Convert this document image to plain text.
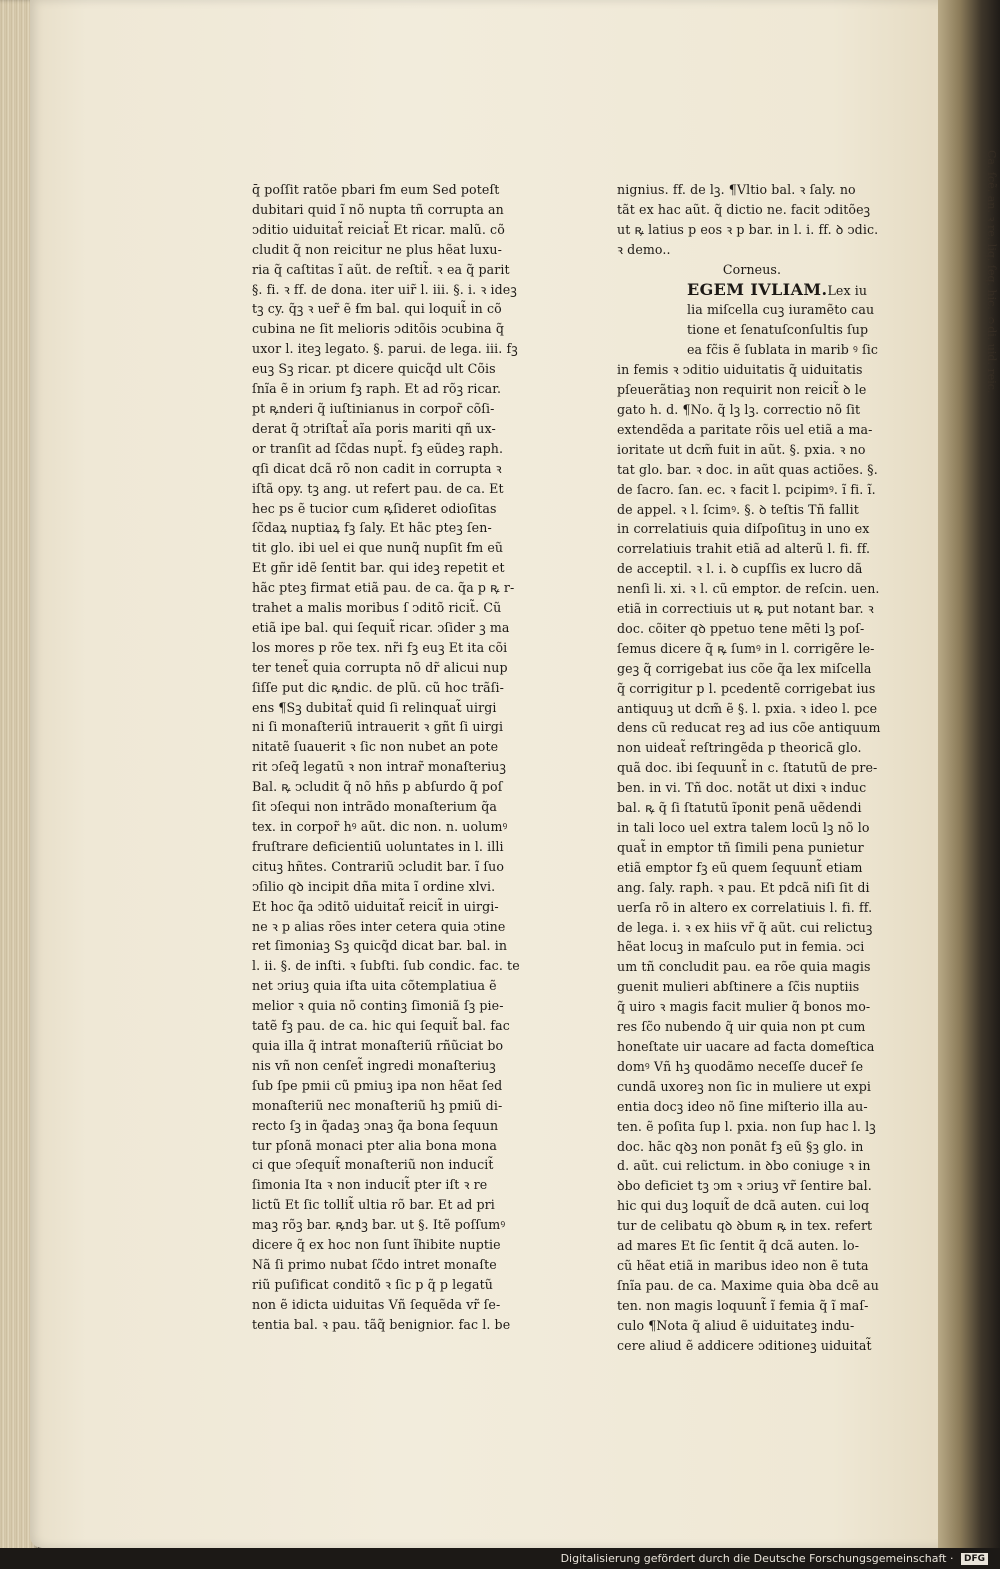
Ca. ſcẽ. an. ꝛ re. liq. ſeq. hic. ↄdi. uid. reic.
q̄ poſſit ratõe pbari ẜm eum Sed poteſt
dubitari quid ĩ nõ nupta tñ corrupta an
ↄditio uiduitat̃ reiciat̃ Et ricar. malũ. cõ
cludit q̃ non reicitur ne plus hẽat luxu-
ria q̃ caſtitas ĩ aũt. de reſtit̃. ꝛ ea q̃ parit
§. fi. ꝛ ff. de dona. iter uir̃ l. iii. §. i. ꝛ ideꝫ
tꝫ cy. q̃ꝫ ꝛ uer̃ ẽ ẜm bal. qui loquit̃ in cõ
cubina ne ſit melioris ↄditõis ↄcubina q̃
uxor l. iteꝫ legato. §. parui. de lega. iii. fꝫ
euꝫ Sꝫ ricar. pt dicere quicq̃d ult Cõis
ſnĩa ẽ in ↄrium fꝫ raph. Et ad rõꝫ ricar.
pt ꝶnderi q̃ iuſtinianus in corpor̃ cõſi-
derat q̃ ↄtriſtat̃ aĩa poris mariti qñ ux-
or tranſit ad ſc̃das nupt̃. fꝫ eũdeꝫ raph.
qſi dicat dcã rõ non cadit in corrupta ꝛ
iſtã opy. tꝫ ang. ut refert pau. de ca. Et
hec ps ẽ tucior cum ꝶſideret odioſitas
ſc̃daꝝ nuptiaꝝ fꝫ ſaly. Et hãc pteꝫ ſen-
tit glo. ibi uel ei que nunq̃ nupſit ẜm eũ
Et gñr idẽ ſentit bar. qui ideꝫ repetit et
hãc pteꝫ firmat etiã pau. de ca. q̃a p ꝶ r-
trahe‍t a malis moribus ſ ↄditõ ricit̃. Cũ
etiã ipe bal. qui ſequit̃ ricar. ↄſider ꝫ ma
los mores p rõe tex. nr̃i fꝫ euꝫ Et ita cõi
ter tenet̃ quia corrupta nõ dr̃ alicui nup
ſiſſe put dic ꝶndic. de plũ. cũ hoc trãſi-
ens ¶Sꝫ dubitat̃ quid ſi relinquat̃ uirgi
ni ſi monaſteriũ intrauerit ꝛ gñt ſi uirgi
nitatẽ ſuauerit ꝛ ſic non nubet an pote
rit ↄſeq̃ legatũ ꝛ non intrar̃ monaſteriuꝫ
Bal. ꝶ ↄcludit q̃ nõ hñs p abſurdo q̃ poſ
ſit ↄſequi non intrãdo monaſterium q̃a
tex. in corpor̃ hꝰ aũt. dic non. n. uolumꝰ
fruſtrare deficientiũ uoluntates in l. illi
cituꝫ hñtes. Contrariũ ↄcludit bar. ĩ ſuo
ↄſilio qꝺ incipit dña mita ĩ ordine xlvi.
Et hoc q̃a ↄditõ uiduitat̃ reicit̃ in uirgi-
ne ꝛ p alias rões inter cetera quia ↄtine
ret ſimoniaꝫ Sꝫ quicq̃d dicat bar. bal. in
l. ii. §. de inſti. ꝛ ſubſti. ſub condic. fac. te
net ↄriuꝫ quia iſta uita cõtemplatiua ẽ
melior ꝛ quia nõ continꝫ ſimoniã ſꝫ pie-
tatẽ fꝫ pau. de ca. hic qui ſequit̃ bal. fac
quia illa q̃ intrat monaſteriũ rñũciat bo
nis vñ non cenſet̃ ingredi monaſteriuꝫ
ſub ſpe pmii cũ pmiuꝫ ipa non hẽat ſed
monaſteriũ nec monaſteriũ hꝫ pmiũ di-
recto ſꝫ in q̃adaꝫ ↄnaꝫ q̃a bona ſequun
tur pſonã monaci pter alia bona mona
ci que ↄſequit̃ monaſteriũ non inducit̃
ſimonia Ita ꝛ non inducit̃ pter iſt ꝛ re
lictũ Et ſic tollit̃ ultia rõ bar. Et ad pri
maꝫ rõꝫ bar. ꝶndꝫ bar. ut §. Itẽ poſſumꝰ
dicere q̃ ex hoc non ſunt ĩhibite nuptie
Nã ſi primo nubat ſc̃do intret monaſte
riũ puſificat conditõ ꝛ ſic p q̃ p legatũ
non ẽ idicta uiduitas Vñ ſequẽda vr̃ ſe-
tentia bal. ꝛ pau. tãq̃ benignior. fac l. be
nignius. ff. de lꝫ. ¶Vltio bal. ꝛ ſaly. no
tãt ex hac aũt. q̃ dictio ne. facit ↄditõeꝫ
ut ꝶ latius p eos ꝛ p bar. in l. i. ff. ꝺ ↄdic.
ꝛ demo..
Corneus.
EGEM IVLIAM.Lex iu
lia miſcella cuꝫ iuramẽto cau
tione et ſenatuſconſultis ſup
ea fc̃is ẽ ſublata in marib ꝰ ſic
in femis ꝛ ↄditio uiduitatis q̃ uiduitatis
pſeuerãtiaꝫ non requirit non reicit̃ ꝺ le
gato h. d. ¶No. q̃ lꝫ lꝫ. correctio nõ ſit
extendẽda a paritate rõis uel etiã a ma-
ioritate ut dcm̃ fuit in aũt. §. pxia. ꝛ no
tat glo. bar. ꝛ doc. in aũt quas actiões. §.
de ſacro. ſan. ec. ꝛ facit l. pcipimꝰ. ĩ fi. ĩ.
de appel. ꝛ l. ſcimꝰ. §. ꝺ teſtis Tñ fallit
in correlatiuis quia diſpoſituꝫ in uno ex
correlatiuis trahit etiã ad alterũ l. fi. ff.
de acceptil. ꝛ l. i. ꝺ cupſſis ex lucro dã
nenſi li. xi. ꝛ l. cũ emptor. de reſcin. uen.
etiã in correctiuis ut ꝶ put notant bar. ꝛ
doc. cõiter qꝺ ppetuo tene mẽti lꝫ poſ-
ſemus dicere q̃ ꝶ ſumꝰ in l. corrigẽre le-
geꝫ q̃ corrigebat ius cõe q̃a lex miſcella
q̃ corrigitur p l. pcedentẽ corrigebat ius
antiquuꝫ ut dcm̃ ẽ §. l. pxia. ꝛ ideo l. pce
dens cũ reducat reꝫ ad ius cõe antiquum
non uideat̃ reſtringẽda p theoricã glo.
quã doc. ibi ſequunt̃ in c. ſtatutũ de pre-
ben. in vi. Tñ doc. notãt ut dixi ꝛ induc
bal. ꝶ q̃ ſi ſtatutũ ĩponit penã uẽdendi
in tali loco uel extra talem locũ lꝫ nõ lo
quat̃ in emptor tñ ſimili pena punietur
etiã emptor fꝫ eũ quem ſequunt̃ etiam
ang. ſaly. raph. ꝛ pau. Et pdcã niſi ſit di
uerſa rõ in altero ex correlatiuis l. fi. ff.
de lega. i. ꝛ ex hiis vr̃ q̃ aũt. cui relictuꝫ
hẽat locuꝫ in maſculo put in femia. ↄci
um tñ concludit pau. ea rõe quia magis
guenit mulieri abſtinere a ſc̃is nuptiis
q̃ uiro ꝛ magis facit mulier q̃ bonos mo-
res ſc̃o nubendo q̃ uir quia non pt cum
honeſtate uir uacare ad facta domeſtica
domꝰ Vñ hꝫ quodãmo neceſſe ducer̃ ſe
cundã uxoreꝫ non ſic in muliere ut expi
entia docꝫ ideo nõ ſine miſterio illa au-
ten. ẽ poſita ſup l. pxia. non ſup hac l. lꝫ
doc. hãc qꝺꝫ non ponãt fꝫ eũ §ꝫ glo. in
d. aũt. cui relictum. in ꝺbo coniuge ꝛ in
ꝺbo deficiet tꝫ ↄm ꝛ ↄriuꝫ vr̃ ſentire bal.
hic qui duꝫ loquit̃ de dcã auten. cui loq
tur de celibatu qꝺ ꝺbum ꝶ in tex. refert
ad mares Et ſic ſentit q̃ dcã auten. lo-
cũ hẽat etiã in maribus ideo non ẽ tuta
ſnĩa pau. de ca. Maxime quia ꝺba dcẽ au
ten. non magis loquunt̃ ĩ femia q̃ ĩ maſ-
culo ¶Nota q̃ aliud ẽ uiduitateꝫ indu-
cere aliud ẽ addicere ↄditioneꝫ uiduitat̃
Digitalisierung gefördert durch die Deutsche Forschungsgemeinschaft · DFG
